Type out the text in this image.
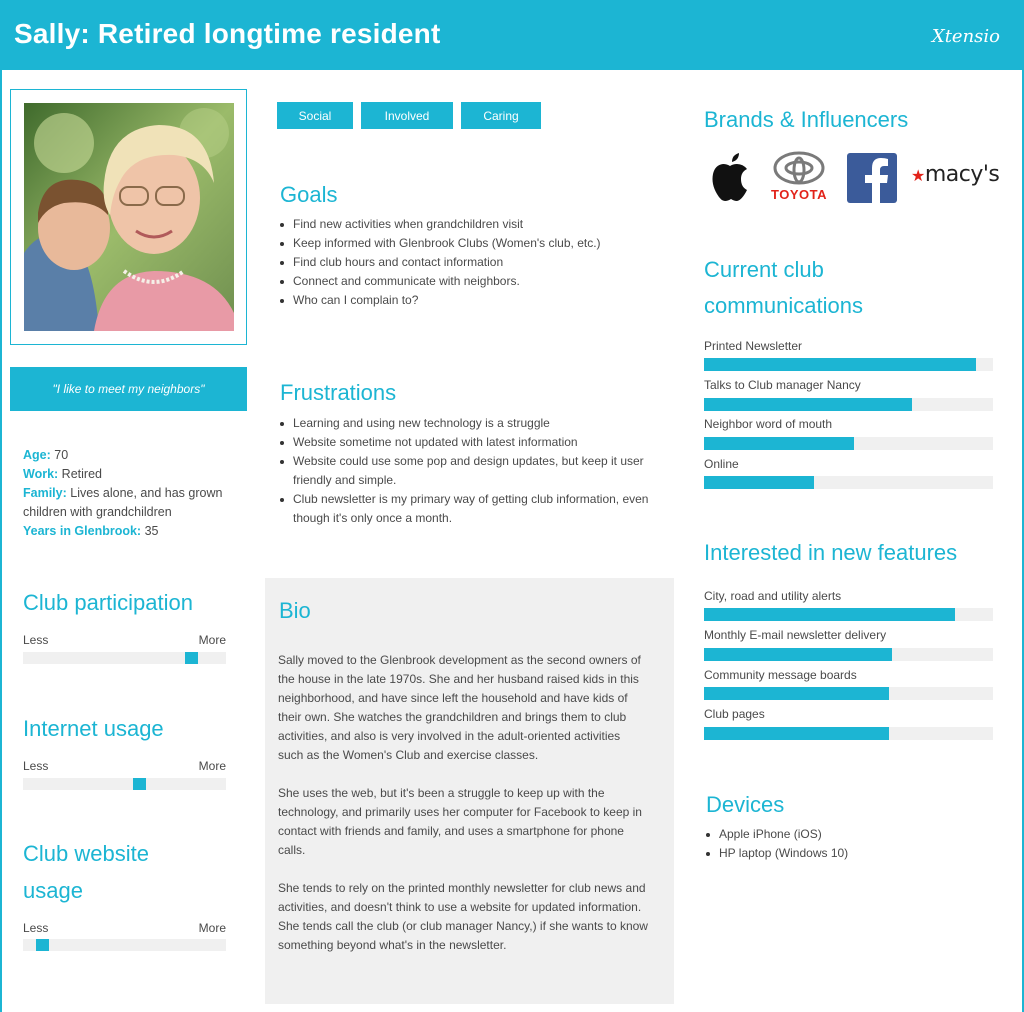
Sally: Retired longtime resident	Xtensio
"I like to meet my neighbors"
Age: 70
Work: Retired
Family: Lives alone, and has grown children with grandchildren
Years in Glenbrook: 35
Club participation
Less	More
Internet usage
Less	More
Club website usage
Less	More
Social	Involved	Caring
Goals
Find new activities when grandchildren visit
Keep informed with Glenbrook Clubs (Women's club, etc.)
Find club hours and contact information
Connect and communicate with neighbors.
Who can I complain to?
Frustrations
Learning and using new technology is a struggle
Website sometime not updated with latest information
Website could use some pop and design updates, but keep it user friendly and simple.
Club newsletter is my primary way of getting club information, even though it's only once a month.
Bio

Sally moved to the Glenbrook development as the second owners of the house in the late 1970s. She and her husband raised kids in this neighborhood, and have since left the household and have kids of their own. She watches the grandchildren and brings them to club activities, and also is very involved in the adult-oriented activities such as the Women's Club and exercise classes.

She uses the web, but it's been a struggle to keep up with the technology, and primarily uses her computer for Facebook to keep in contact with friends and family, and uses a smartphone for phone calls.

She tends to rely on the printed monthly newsletter for club news and activities, and doesn't think to use a website for updated information. She tends call the club (or club manager Nancy,) if she wants to know something beyond what's in the newsletter.

Brands & Influencers
TOYOTA
★macy's
Current club communications
Printed Newsletter
Talks to Club manager Nancy
Neighbor word of mouth
Online
Interested in new features
City, road and utility alerts
Monthly E-mail newsletter delivery
Community message boards
Club pages
Devices
Apple iPhone (iOS)
HP laptop (Windows 10)
